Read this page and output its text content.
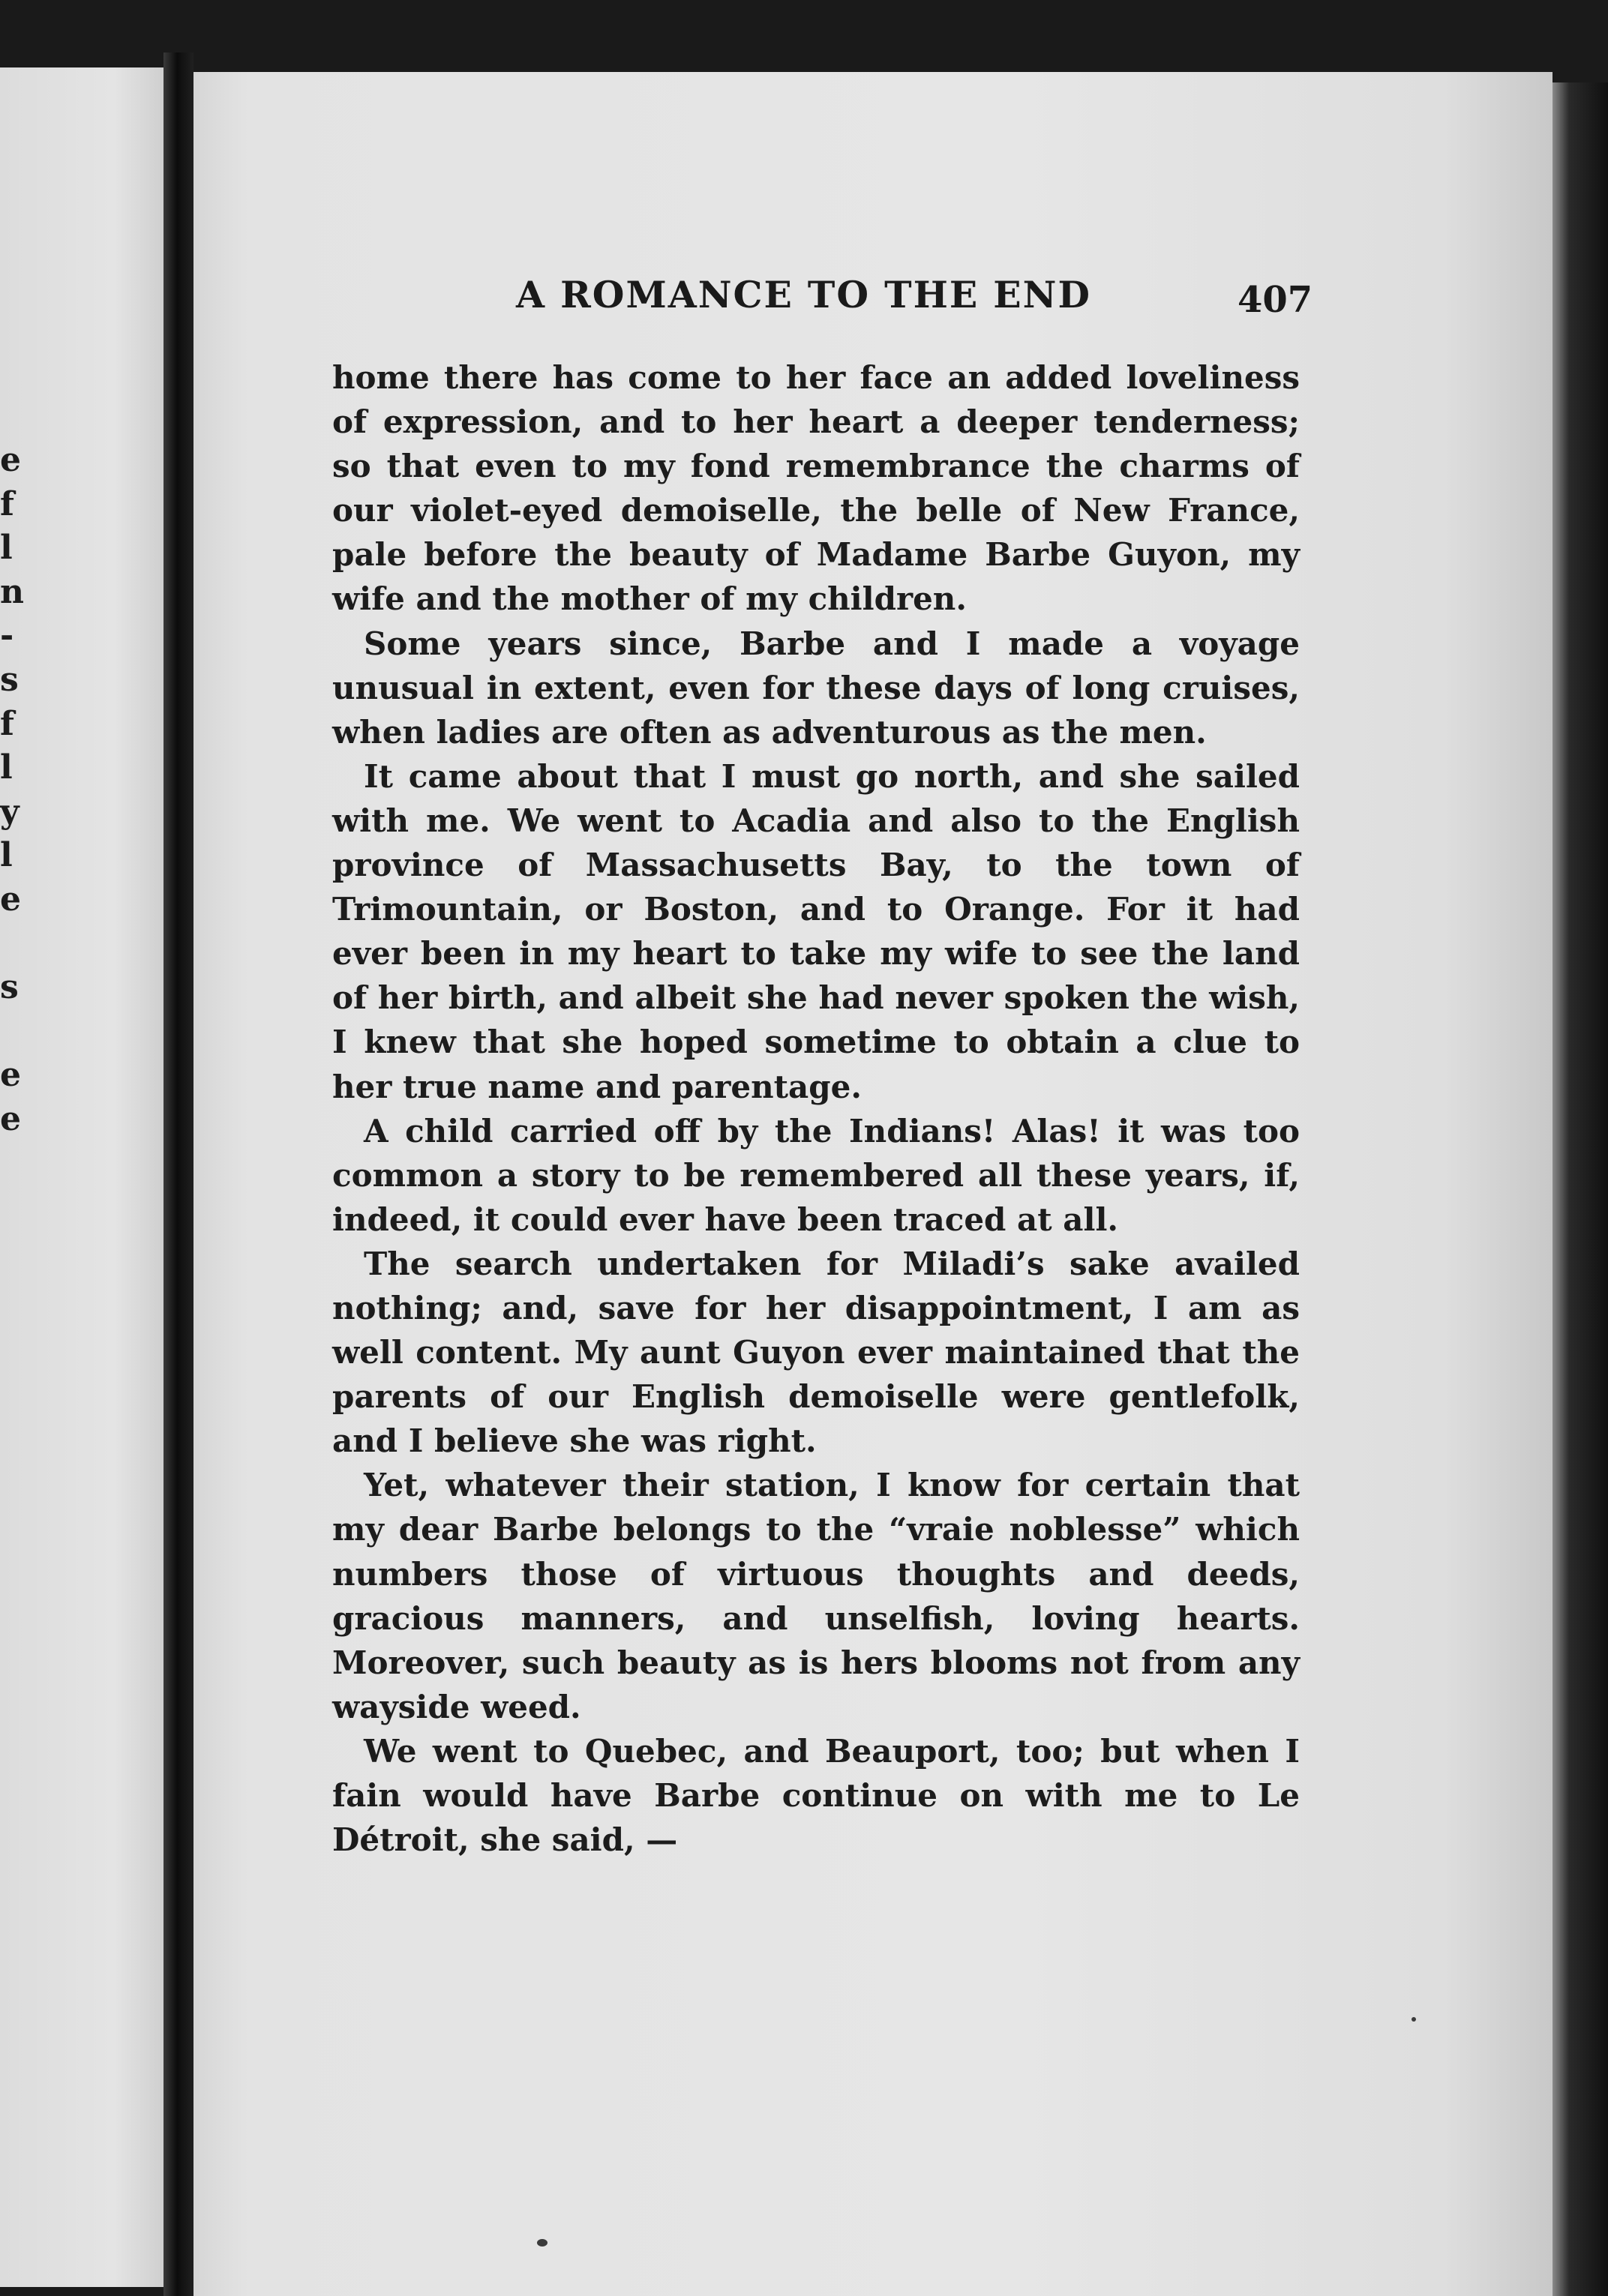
e
f
l
n
-
s
f
l
y
l
e
s
e
e
A ROMANCE TO THE END	407

home there has come to her face an added loveliness of expression, and to her heart a deeper tenderness; so that even to my fond remembrance the charms of our violet-eyed demoiselle, the belle of New France, pale before the beauty of Madame Barbe Guyon, my wife and the mother of my children.

Some years since, Barbe and I made a voyage unusual in extent, even for these days of long cruises, when ladies are often as adventurous as the men.

It came about that I must go north, and she sailed with me. We went to Acadia and also to the English province of Massachusetts Bay, to the town of Trimountain, or Boston, and to Orange. For it had ever been in my heart to take my wife to see the land of her birth, and albeit she had never spoken the wish, I knew that she hoped sometime to obtain a clue to her true name and parentage.

A child carried off by the Indians! Alas! it was too common a story to be remembered all these years, if, indeed, it could ever have been traced at all.

The search undertaken for Miladi’s sake availed nothing; and, save for her disappointment, I am as well content. My aunt Guyon ever maintained that the parents of our English demoiselle were gentlefolk, and I believe she was right.

Yet, whatever their station, I know for certain that my dear Barbe belongs to the “vraie noblesse” which numbers those of virtuous thoughts and deeds, gracious manners, and unselfish, loving hearts. Moreover, such beauty as is hers blooms not from any wayside weed.

We went to Quebec, and Beauport, too; but when I fain would have Barbe continue on with me to Le Détroit, she said, —
